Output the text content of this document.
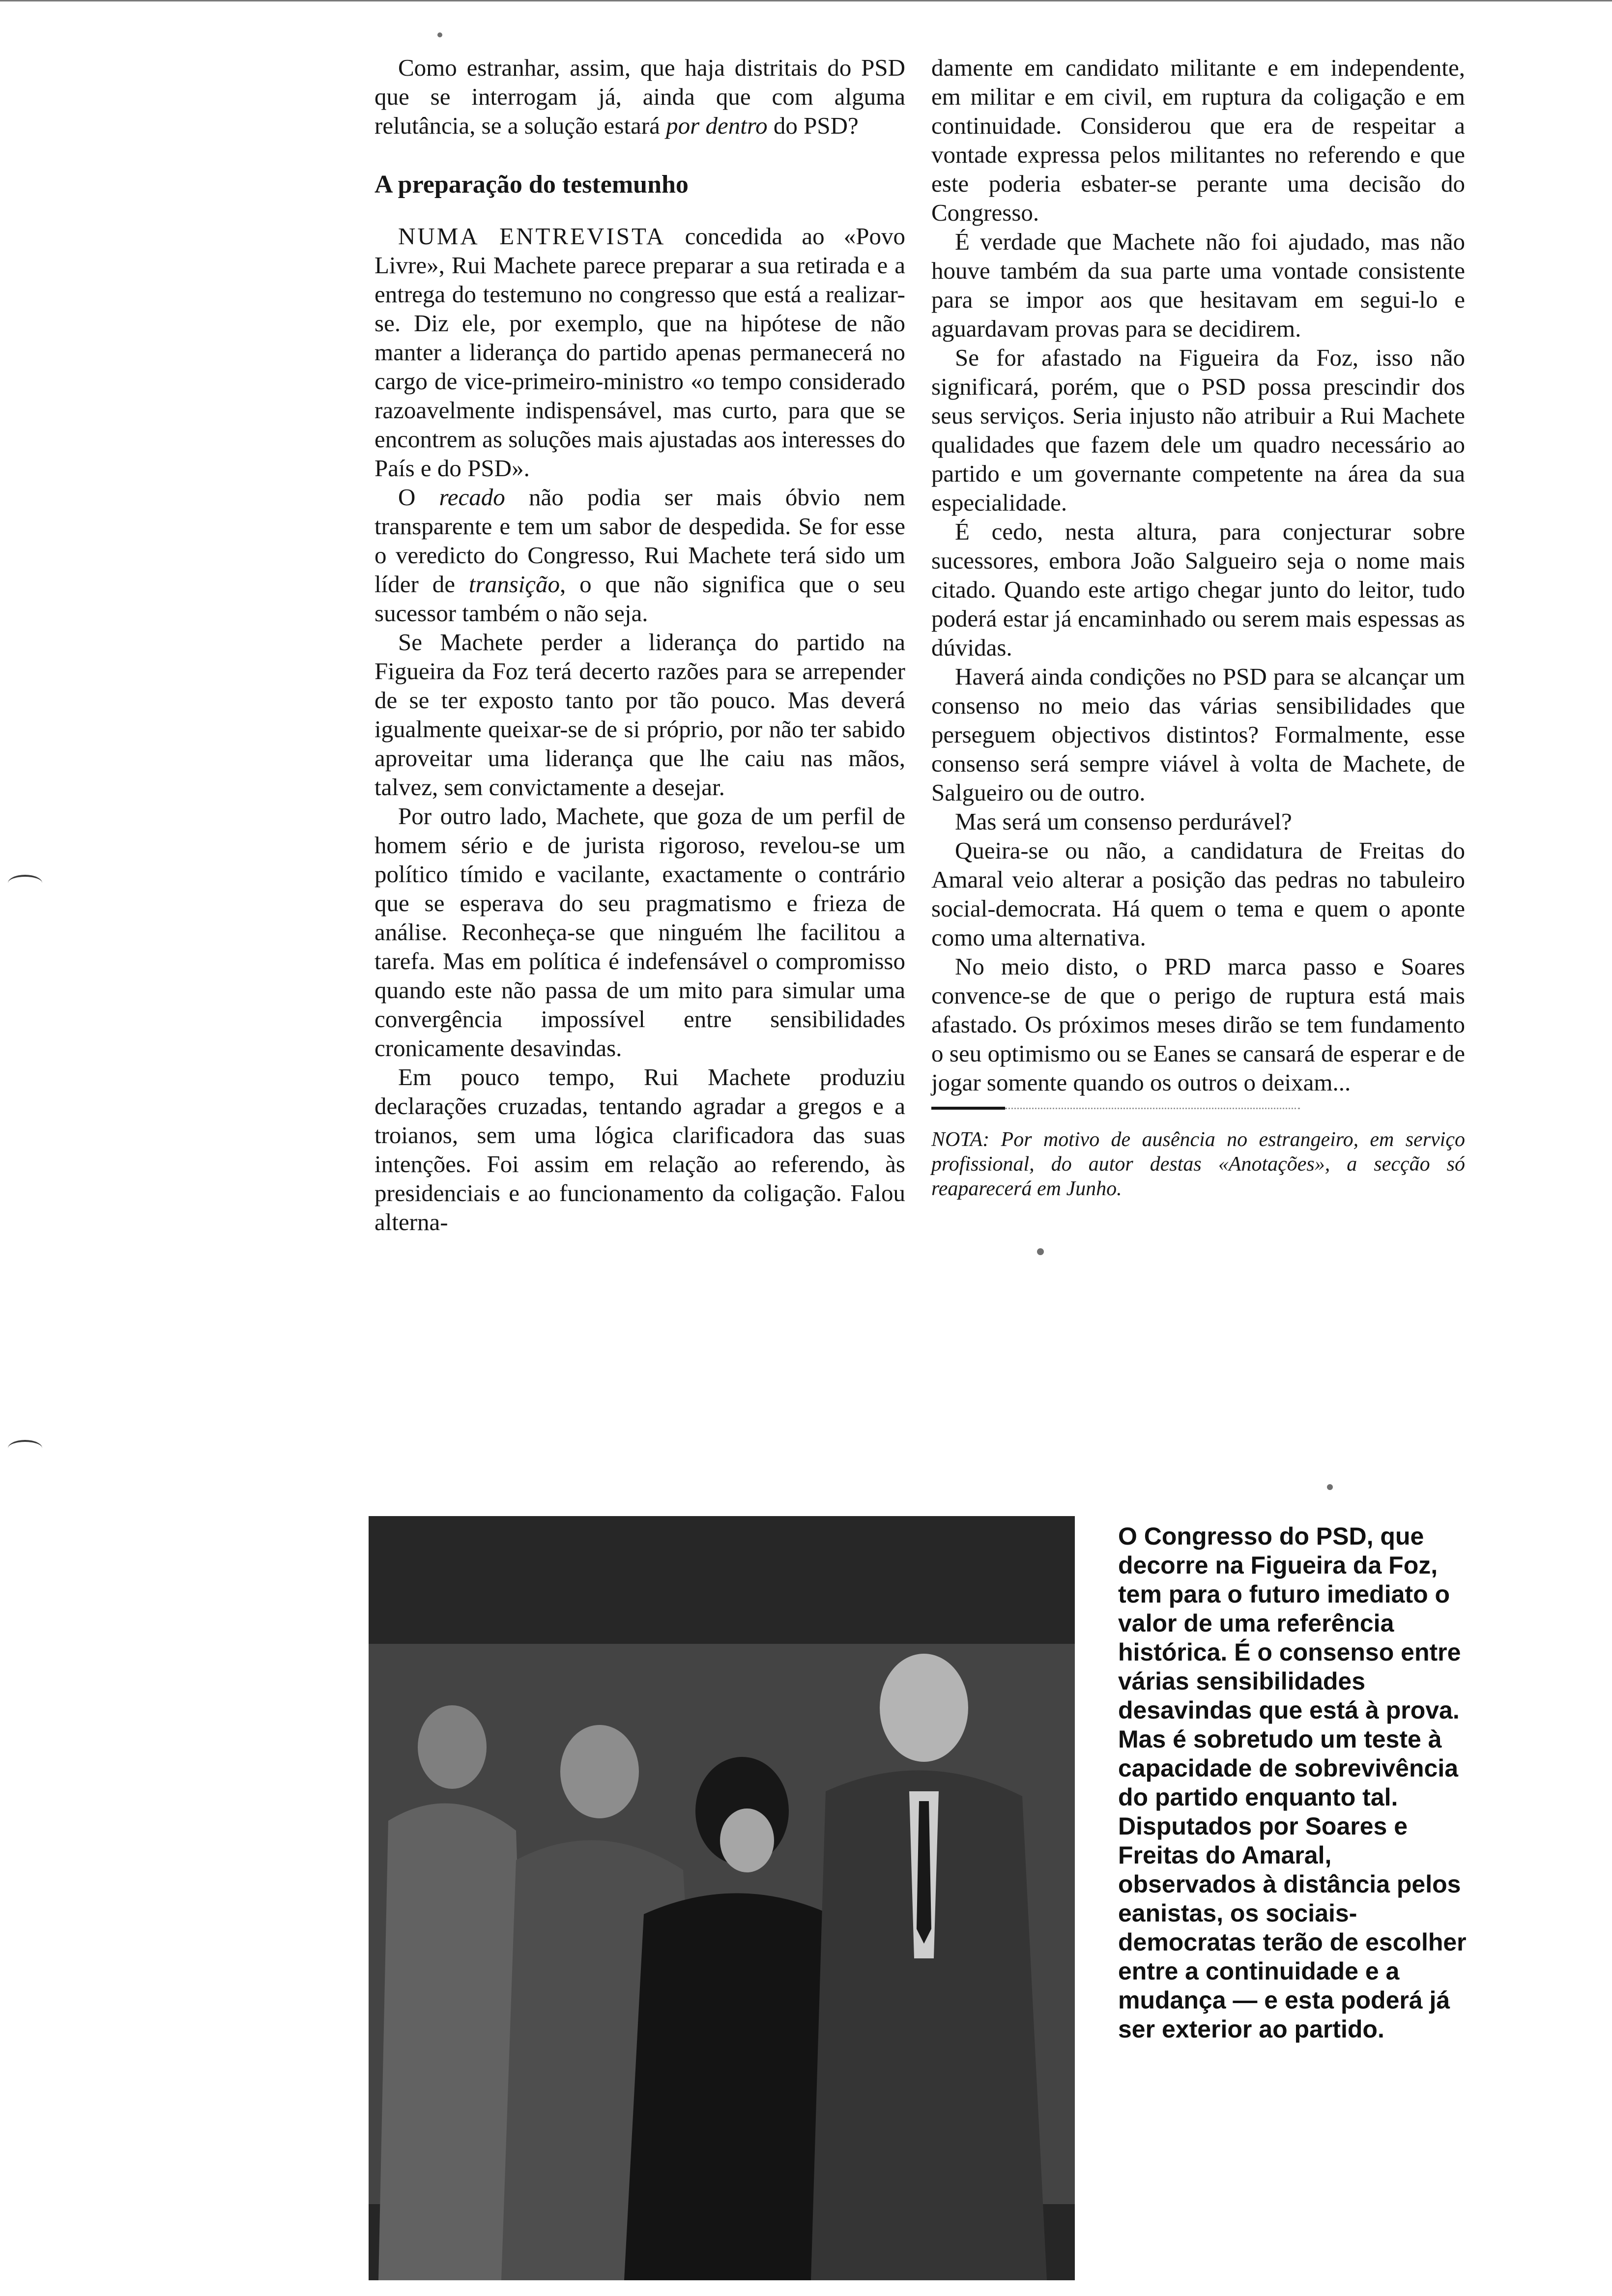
Como estranhar, assim, que haja distritais do PSD que se interrogam já, ainda que com alguma relutância, se a solução estará por dentro do PSD?

A preparação do testemunho

NUMA ENTREVISTA concedida ao «Povo Livre», Rui Machete parece preparar a sua retirada e a entrega do testemuno no congresso que está a realizar-se. Diz ele, por exemplo, que na hipótese de não manter a liderança do partido apenas permanecerá no cargo de vice-primeiro-ministro «o tempo considerado razoavelmente indispensável, mas curto, para que se encontrem as soluções mais ajustadas aos interesses do País e do PSD».

O recado não podia ser mais óbvio nem transparente e tem um sabor de despedida. Se for esse o veredicto do Congresso, Rui Machete terá sido um líder de transição, o que não significa que o seu sucessor também o não seja.

Se Machete perder a liderança do partido na Figueira da Foz terá decerto razões para se arrepender de se ter exposto tanto por tão pouco. Mas deverá igualmente queixar-se de si próprio, por não ter sabido aproveitar uma liderança que lhe caiu nas mãos, talvez, sem convictamente a desejar.

Por outro lado, Machete, que goza de um perfil de homem sério e de jurista rigoroso, revelou-se um político tímido e vacilante, exactamente o contrário que se esperava do seu pragmatismo e frieza de análise. Reconheça-se que ninguém lhe facilitou a tarefa. Mas em política é indefensável o compromisso quando este não passa de um mito para simular uma convergência impossível entre sensibilidades cronicamente desavindas.

Em pouco tempo, Rui Machete produziu declarações cruzadas, tentando agradar a gregos e a troianos, sem uma lógica clarificadora das suas intenções. Foi assim em relação ao referendo, às presidenciais e ao funcionamento da coligação. Falou alterna-

damente em candidato militante e em independente, em militar e em civil, em ruptura da coligação e em continuidade. Considerou que era de respeitar a vontade expressa pelos militantes no referendo e que este poderia esbater-se perante uma decisão do Congresso.

É verdade que Machete não foi ajudado, mas não houve também da sua parte uma vontade consistente para se impor aos que hesitavam em segui-lo e aguardavam provas para se decidirem.

Se for afastado na Figueira da Foz, isso não significará, porém, que o PSD possa prescindir dos seus serviços. Seria injusto não atribuir a Rui Machete qualidades que fazem dele um quadro necessário ao partido e um governante competente na área da sua especialidade.

É cedo, nesta altura, para conjecturar sobre sucessores, embora João Salgueiro seja o nome mais citado. Quando este artigo chegar junto do leitor, tudo poderá estar já encaminhado ou serem mais espessas as dúvidas.

Haverá ainda condições no PSD para se alcançar um consenso no meio das várias sensibilidades que perseguem objectivos distintos? Formalmente, esse consenso será sempre viável à volta de Machete, de Salgueiro ou de outro.

Mas será um consenso perdurável?

Queira-se ou não, a candidatura de Freitas do Amaral veio alterar a posição das pedras no tabuleiro social-democrata. Há quem o tema e quem o aponte como uma alternativa.

No meio disto, o PRD marca passo e Soares convence-se de que o perigo de ruptura está mais afastado. Os próximos meses dirão se tem fundamento o seu optimismo ou se Eanes se cansará de esperar e de jogar somente quando os outros o deixam...

NOTA: Por motivo de ausência no estrangeiro, em serviço profissional, do autor destas «Anotações», a secção só reaparecerá em Junho.

O Congresso do PSD, que decorre na Figueira da Foz, tem para o futuro imediato o valor de uma referência histórica. É o consenso entre várias sensibilidades desavindas que está à prova. Mas é sobretudo um teste à capacidade de sobrevivência do partido enquanto tal. Disputados por Soares e Freitas do Amaral, observados à distância pelos eanistas, os sociais-democratas terão de escolher entre a continuidade e a mudança — e esta poderá já ser exterior ao partido.
